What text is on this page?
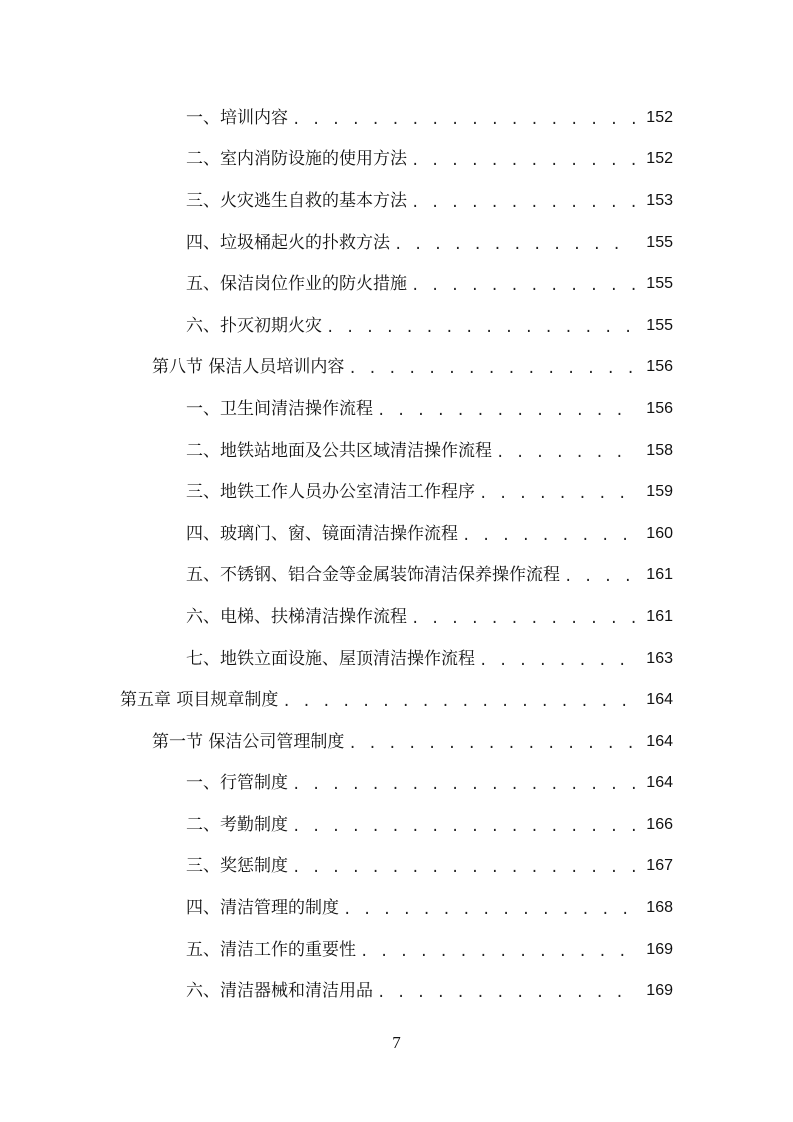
一、培训内容 . . .	152
二、室内消防设施的使用方法 . . .	152
三、火灾逃生自救的基本方法 . . .	153
四、垃圾桶起火的扑救方法 . . .	155
五、保洁岗位作业的防火措施 . . .	155
六、扑灭初期火灾 . . .	155
第八节 保洁人员培训内容 . . .	156
一、卫生间清洁操作流程 . . .	156
二、地铁站地面及公共区域清洁操作流程 . . .	158
三、地铁工作人员办公室清洁工作程序 . . .	159
四、玻璃门、窗、镜面清洁操作流程 . . .	160
五、不锈钢、铝合金等金属装饰清洁保养操作流程 . . .	161
六、电梯、扶梯清洁操作流程 . . .	161
七、地铁立面设施、屋顶清洁操作流程 . . .	163
第五章 项目规章制度 . . .	164
第一节 保洁公司管理制度 . . .	164
一、行管制度 . . .	164
二、考勤制度 . . .	166
三、奖惩制度 . . .	167
四、清洁管理的制度 . . .	168
五、清洁工作的重要性 . . .	169
六、清洁器械和清洁用品 . . .	169
7
